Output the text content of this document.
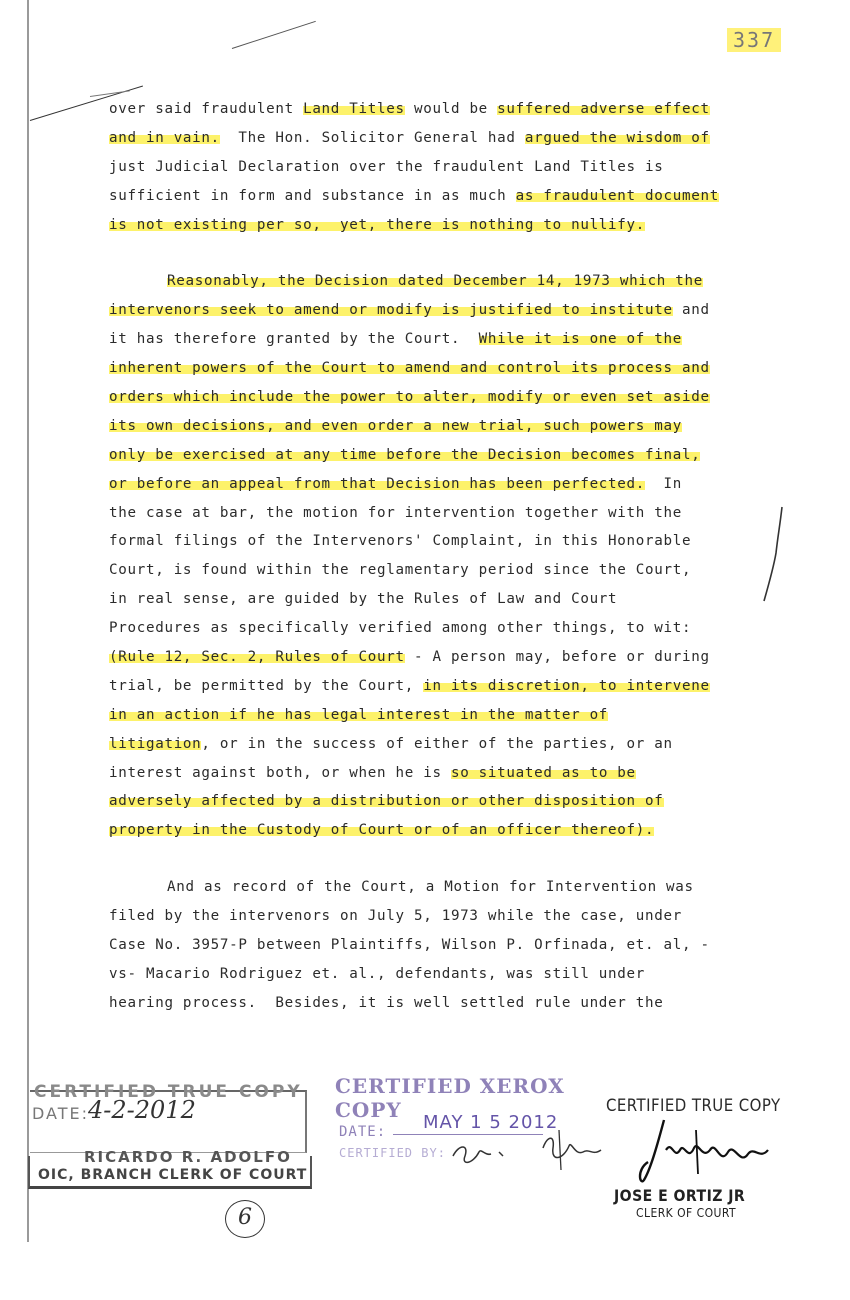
337

over said fraudulent Land Titles would be suffered adverse effect
and in vain.  The Hon. Solicitor General had argued the wisdom of
just Judicial Declaration over the fraudulent Land Titles is
sufficient in form and substance in as much as fraudulent document
is not existing per so,  yet, there is nothing to nullify.

Reasonably, the Decision dated December 14, 1973 which the
intervenors seek to amend or modify is justified to institute and
it has therefore granted by the Court.  While it is one of the
inherent powers of the Court to amend and control its process and
orders which include the power to alter, modify or even set aside
its own decisions, and even order a new trial, such powers may
only be exercised at any time before the Decision becomes final,
or before an appeal from that Decision has been perfected.  In
the case at bar, the motion for intervention together with the
formal filings of the Intervenors' Complaint, in this Honorable
Court, is found within the reglamentary period since the Court,
in real sense, are guided by the Rules of Law and Court
Procedures as specifically verified among other things, to wit:
(Rule 12, Sec. 2, Rules of Court - A person may, before or during
trial, be permitted by the Court, in its discretion, to intervene
in an action if he has legal interest in the matter of
litigation, or in the success of either of the parties, or an
interest against both, or when he is so situated as to be
adversely affected by a distribution or other disposition of
property in the Custody of Court or of an officer thereof).

And as record of the Court, a Motion for Intervention was
filed by the intervenors on July 5, 1973 while the case, under
Case No. 3957-P between Plaintiffs, Wilson P. Orfinada, et. al, -
vs- Macario Rodriguez et. al., defendants, was still under
hearing process.  Besides, it is well settled rule under the

CERTIFIED TRUE COPY
DATE:
4-2-2012
RICARDO R. ADOLFO
OIC, BRANCH CLERK OF COURT
6
CERTIFIED XEROX COPY
DATE: MAY 1 5 2012
CERTIFIED BY:
CERTIFIED TRUE COPY
JOSE E ORTIZ JR
CLERK OF COURT
